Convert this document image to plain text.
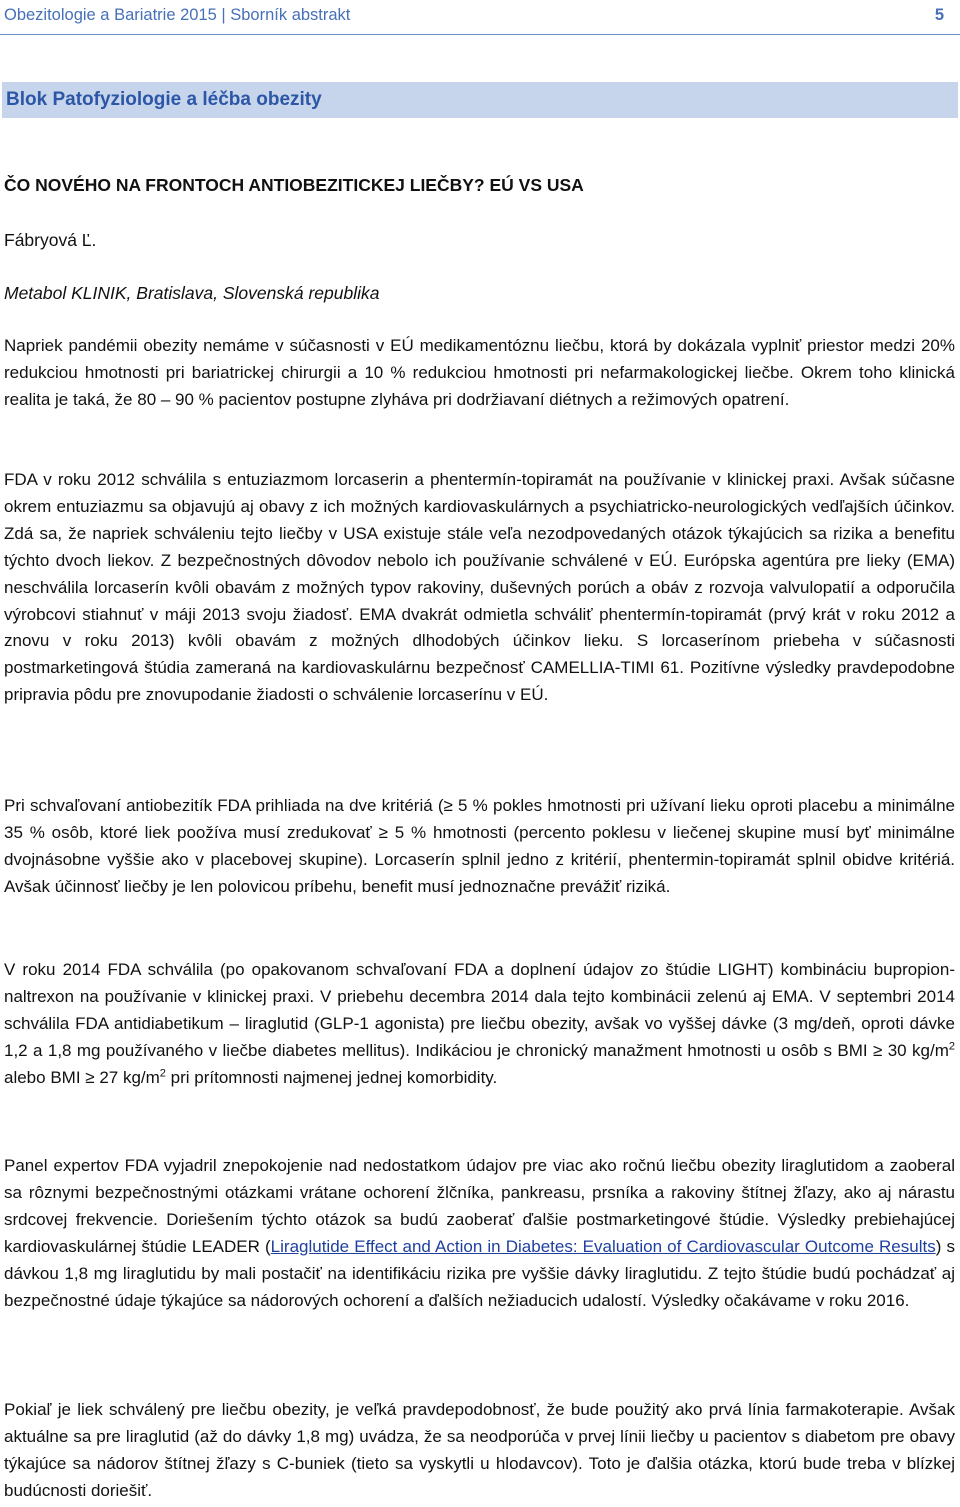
Obezitologie a Bariatrie 2015 | Sborník abstrakt	5
Blok Patofyziologie a léčba obezity
ČO NOVÉHO NA FRONTOCH ANTIOBEZITICKEJ LIEČBY? EÚ VS USA
Fábryová Ľ.
Metabol KLINIK, Bratislava, Slovenská republika

Napriek pandémii obezity nemáme v súčasnosti v EÚ medikamentóznu liečbu, ktorá by dokázala vyplniť priestor medzi 20% redukciou hmotnosti pri bariatrickej chirurgii a 10 % redukciou hmotnosti pri nefarmakologickej liečbe. Okrem toho klinická realita je taká, že 80 – 90 % pacientov postupne zlyháva pri dodržiavaní diétnych a režimových opatrení.

FDA v roku 2012 schválila s entuziazmom lorcaserin a phentermín-topiramát na používanie v klinickej praxi. Avšak súčasne okrem entuziazmu sa objavujú aj obavy z ich možných kardiovaskulárnych a psychiatricko-neurologických vedľajších účinkov. Zdá sa, že napriek schváleniu tejto liečby v USA existuje stále veľa nezodpovedaných otázok týkajúcich sa rizika a benefitu týchto dvoch liekov. Z bezpečnostných dôvodov nebolo ich používanie schválené v EÚ. Európska agentúra pre lieky (EMA) neschválila lorcaserín kvôli obavám z možných typov rakoviny, duševných porúch a obáv z rozvoja valvulopatií a odporučila výrobcovi stiahnuť v máji 2013 svoju žiadosť. EMA dvakrát odmietla schváliť phentermín-topiramát (prvý krát v roku 2012 a znovu v roku 2013) kvôli obavám z možných dlhodobých účinkov lieku. S lorcaserínom priebeha v súčasnosti postmarketingová štúdia zameraná na kardiovaskulárnu bezpečnosť CAMELLIA-TIMI 61. Pozitívne výsledky pravdepodobne pripravia pôdu pre znovupodanie žiadosti o schválenie lorcaserínu v EÚ.

Pri schvaľovaní antiobezitík FDA prihliada na dve kritériá (≥ 5 % pokles hmotnosti pri užívaní lieku oproti placebu a minimálne 35 % osôb, ktoré liek poožíva musí zredukovať ≥ 5 % hmotnosti (percento poklesu v liečenej skupine musí byť minimálne dvojnásobne vyššie ako v placebovej skupine). Lorcaserín splnil jedno z kritérií, phentermin-topiramát splnil obidve kritériá. Avšak účinnosť liečby je len polovicou príbehu, benefit musí jednoznačne prevážiť riziká.

V roku 2014 FDA schválila (po opakovanom schvaľovaní FDA a doplnení údajov zo štúdie LIGHT) kombináciu bupropion-naltrexon na používanie v klinickej praxi. V priebehu decembra 2014 dala tejto kombinácii zelenú aj EMA. V septembri 2014 schválila FDA antidiabetikum – liraglutid (GLP-1 agonista) pre liečbu obezity, avšak vo vyššej dávke (3 mg/deň, oproti dávke 1,2 a 1,8 mg používaného v liečbe diabetes mellitus). Indikáciou je chronický manažment hmotnosti u osôb s BMI ≥ 30 $kg/m^2$ alebo BMI ≥ 27 $kg/m^2$ pri prítomnosti najmenej jednej komorbidity.

Panel expertov FDA vyjadril znepokojenie nad nedostatkom údajov pre viac ako ročnú liečbu obezity liraglutidom a zaoberal sa rôznymi bezpečnostnými otázkami vrátane ochorení žlčníka, pankreasu, prsníka a rakoviny štítnej žľazy, ako aj nárastu srdcovej frekvencie. Doriešením týchto otázok sa budú zaoberať ďalšie postmarketingové štúdie. Výsledky prebiehajúcej kardiovaskulárnej štúdie LEADER (Liraglutide Effect and Action in Diabetes: Evaluation of Cardiovascular Outcome Results) s dávkou 1,8 mg liraglutidu by mali postačiť na identifikáciu rizika pre vyššie dávky liraglutidu. Z tejto štúdie budú pochádzať aj bezpečnostné údaje týkajúce sa nádorových ochorení a ďalších nežiaducich udalostí. Výsledky očakávame v roku 2016.

Pokiaľ je liek schválený pre liečbu obezity, je veľká pravdepodobnosť, že bude použitý ako prvá línia farmakoterapie. Avšak aktuálne sa pre liraglutid (až do dávky 1,8 mg) uvádza, že sa neodporúča v prvej línii liečby u pacientov s diabetom pre obavy týkajúce sa nádorov štítnej žľazy s C-buniek (tieto sa vyskytli u hlodavcov). Toto je ďalšia otázka, ktorú bude treba v blízkej budúcnosti doriešiť.
